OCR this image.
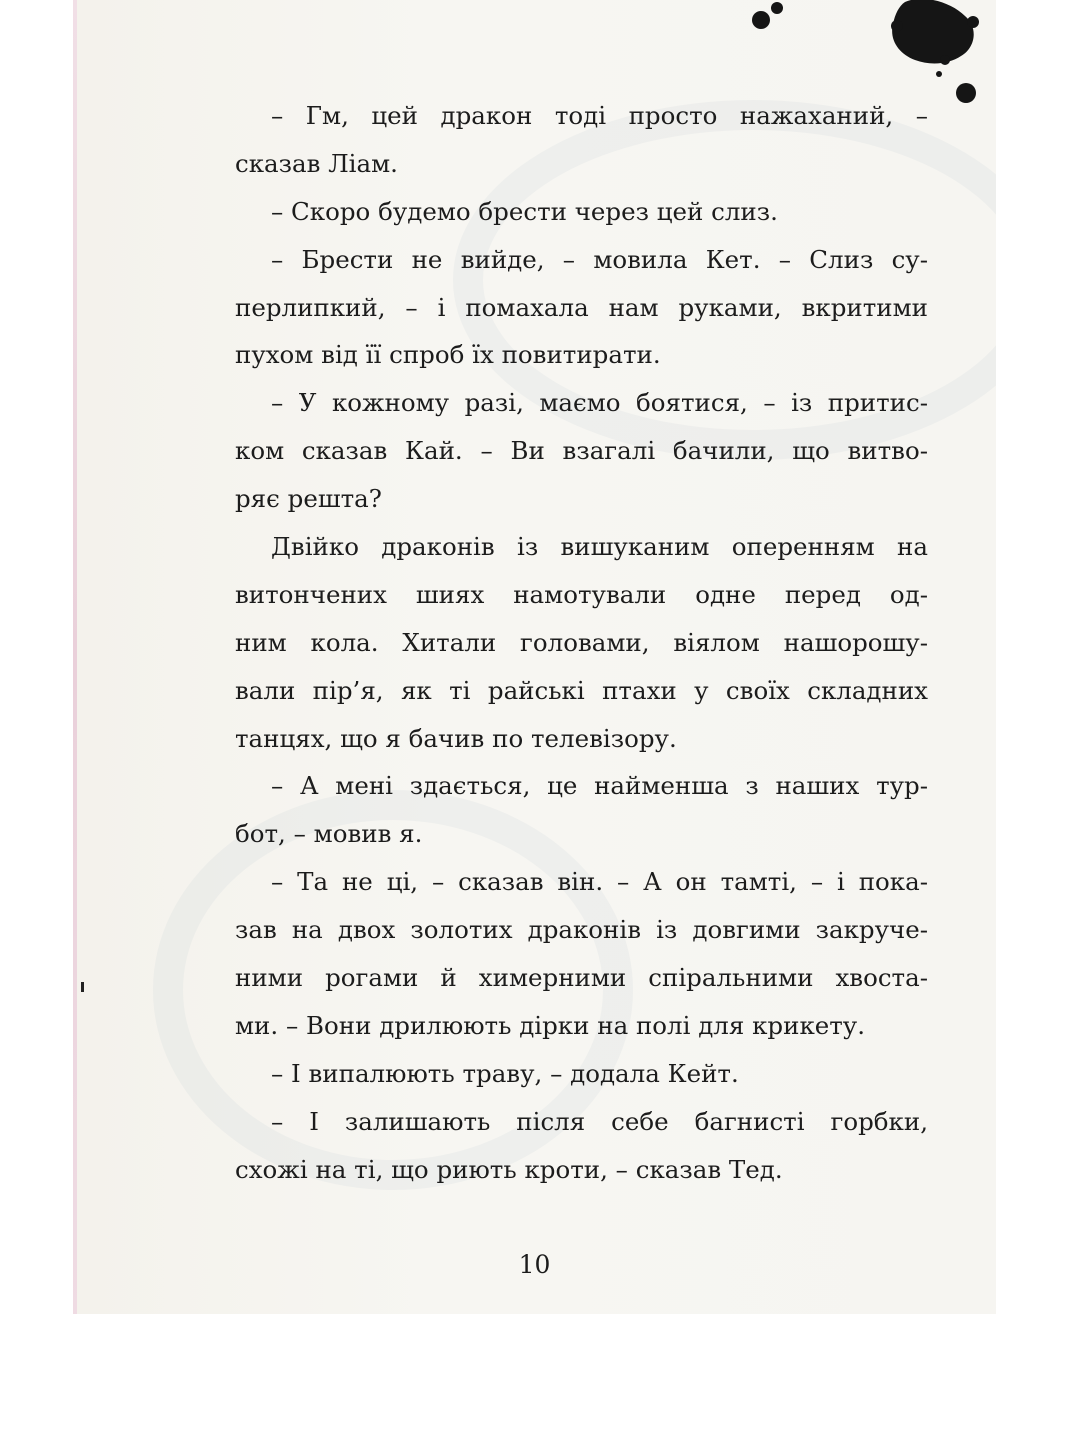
– Гм, цей дракон тоді просто нажаханий, –
сказав Ліам.
– Скоро будемо брести через цей слиз.
– Брести не вийде, – мовила Кет. – Слиз су-
перлипкий, – і помахала нам руками, вкритими
пухом від її спроб їх повитирати.
– У кожному разі, маємо боятися, – із притис-
ком сказав Кай. – Ви взагалі бачили, що витво-
ряє решта?
Двійко драконів із вишуканим опеpенням на
витончених шиях намотували одне перед од-
ним кола. Хитали головами, віялом нашорошу-
вали пір’я, як ті райські птахи у своїх складних
танцях, що я бачив по телевізору.
– А мені здається, це найменша з наших тур-
бот, – мовив я.
– Та не ці, – сказав він. – А он тамті, – і пока-
зав на двох золотих драконів із довгими закруче-
ними рогами й химерними спіральними хвоста-
ми. – Вони дрилюють дірки на полі для крикету.
– І випалюють траву, – додала Кейт.
– І залишають після себе багнисті горбки,
схожі на ті, що риють кроти, – сказав Тед.
10
